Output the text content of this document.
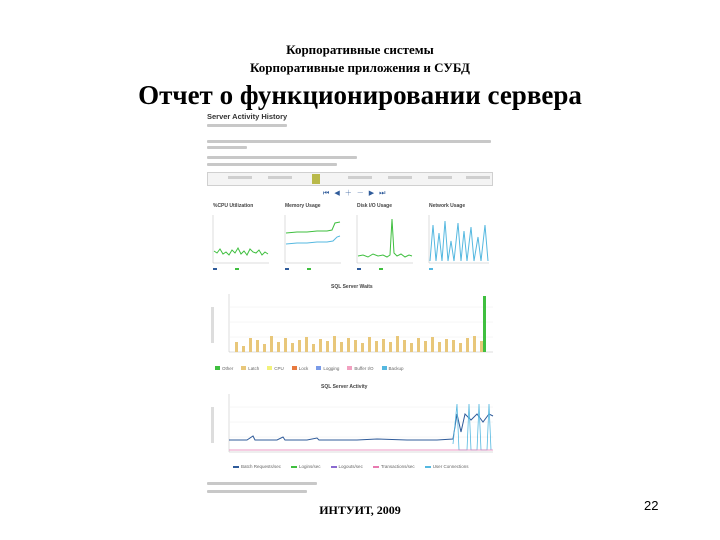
Корпоративные системы
Корпоративные приложения и СУБД
Отчет о функционировании сервера
Server Activity History
⏮◀＋－▶⏭
%CPU Utilization	Memory Usage	Disk I/O Usage	Network Usage
SQL Server Waits
Other	Latch	CPU	Lock	Logging	Buffer I/O	Backup
SQL Server Activity
Batch Requests/sec	Logins/sec	Logouts/sec	Transactions/sec	User Connections
ИНТУИТ, 2009	22
